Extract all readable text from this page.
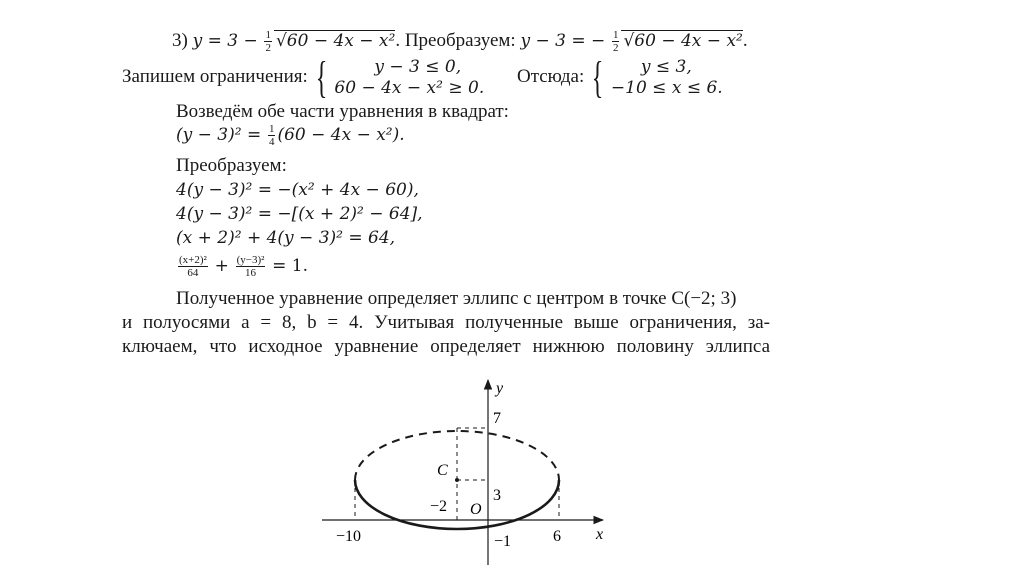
3) $y = 3 - \frac{1}{2} √60 - 4x - x^2$. Преобразуем: y − 3 = − $\frac{1}{2} √60 - 4x - x^2$.
Запишем ограничения: {	y − 3 ≤ 0,
60 − 4x − x² ≥ 0.
Отсюда: {	y ≤ 3,
−10 ≤ x ≤ 6.
Возведём обе части уравнения в квадрат:
$(y - 3)^2 = \frac{1}{4} (60 - 4x - x^2)$.
Преобразуем:
4(y − 3)² = −(x² + 4x − 60),
4(y − 3)² = −[(x + 2)² − 64],
(x + 2)² + 4(y − 3)² = 64,
$\frac{\text{(x+2)²}}{64} + \frac{\text{(y−3)²}}{16} = 1$.
Полученное уравнение определяет эллипс с центром в точке C(−2; 3)
и полуосями a = 8, b = 4. Учитывая полученные выше ограничения, за-
ключаем, что исходное уравнение определяет нижнюю половину эллипса
y
x
7
C
3
−2 O
−10	6
−1
